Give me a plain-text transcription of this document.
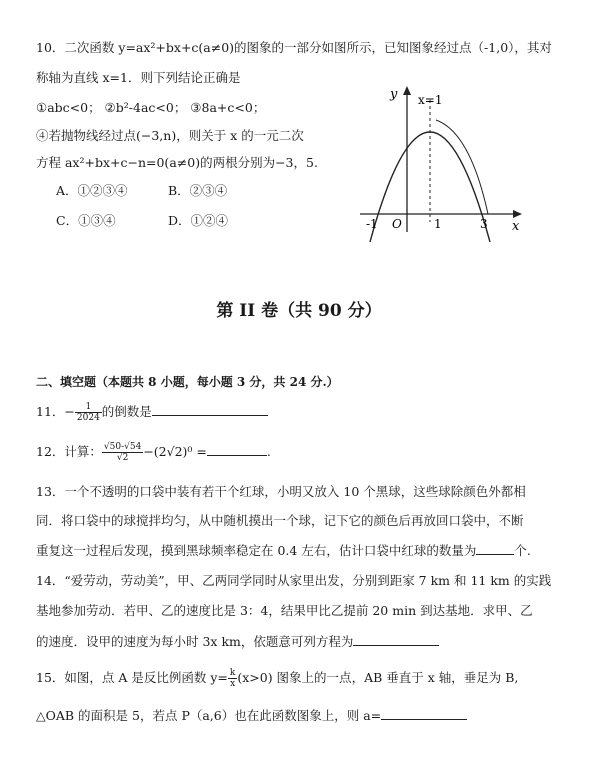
10．二次函数 y=ax²+bx+c(a≠0)的图象的一部分如图所示，已知图象经过点（-1,0），其对
称轴为直线 x=1．则下列结论正确是
①abc<0； ②b²-4ac<0； ③8a+c<0；
④若抛物线经过点(−3,n)，则关于 x 的一元二次
方程 ax²+bx+c−n=0(a≠0)的两根分别为−3，5.
A．①②③④	B．②③④
C．①③④	D．①②④
y
x
x=1
O
-1	1	3
第 II 卷（共 90 分）
二、填空题（本题共 8 小题，每小题 3 分，共 24 分.）
11．− $\frac{1}{2024}$ 的倒数是
12．计算： $\frac{√50-√54}{√2} -(2√2)^0$ =	.
13．一个不透明的口袋中装有若干个红球，小明又放入 10 个黑球，这些球除颜色外都相
同．将口袋中的球搅拌均匀，从中随机摸出一个球，记下它的颜色后再放回口袋中，不断
重复这一过程后发现，摸到黑球频率稳定在 0.4 左右，估计口袋中红球的数量为	个.
14．“爱劳动，劳动美”，甲、乙两同学同时从家里出发，分别到距家 7 km 和 11 km 的实践
基地参加劳动．若甲、乙的速度比是 3：4，结果甲比乙提前 20 min 到达基地．求甲、乙
的速度．设甲的速度为每小时 3x km，依题意可列方程为
15．如图，点 A 是反比例函数 $y= \frac{k}{x} (x>0)$ 图象上的一点，AB 垂直于 x 轴，垂足为 B,
△OAB 的面积是 5，若点 P（a,6）也在此函数图象上，则 a=
